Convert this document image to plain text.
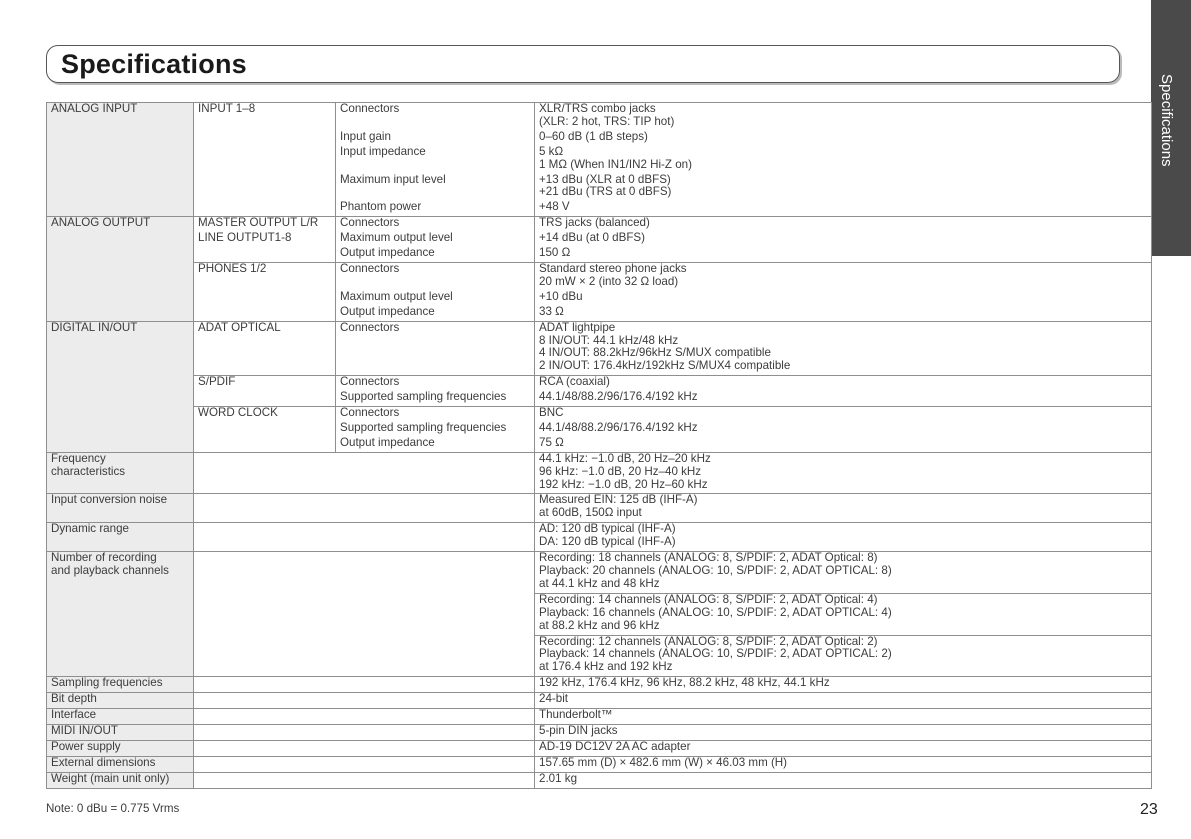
Specifications
Specifications
ANALOG INPUT	INPUT 1–8	Connectors	XLR/TRS combo jacks
(XLR: 2 hot, TRS: TIP hot)

		Input gain	0–60 dB (1 dB steps)
		Input impedance	5 kΩ
1 MΩ (When IN1/IN2 Hi-Z on)

		Maximum input level	+13 dBu (XLR at 0 dBFS)
+21 dBu (TRS at 0 dBFS)

		Phantom power	+48 V
ANALOG OUTPUT	MASTER OUTPUT L/R	Connectors	TRS jacks (balanced)
	LINE OUTPUT1-8	Maximum output level	+14 dBu (at 0 dBFS)
		Output impedance	150 Ω
	PHONES 1/2	Connectors	Standard stereo phone jacks
20 mW × 2 (into 32 Ω load)

		Maximum output level	+10 dBu
		Output impedance	33 Ω
DIGITAL IN/OUT	ADAT OPTICAL	Connectors	ADAT lightpipe
8 IN/OUT: 44.1 kHz/48 kHz
4 IN/OUT: 88.2kHz/96kHz S/MUX compatible
2 IN/OUT: 176.4kHz/192kHz S/MUX4 compatible

	S/PDIF	Connectors	RCA (coaxial)
		Supported sampling frequencies	44.1/48/88.2/96/176.4/192 kHz
	WORD CLOCK	Connectors	BNC
		Supported sampling frequencies	44.1/48/88.2/96/176.4/192 kHz
		Output impedance	75 Ω

Frequency
characteristics			44.1 kHz: −1.0 dB, 20 Hz–20 kHz
96 kHz: −1.0 dB, 20 Hz–40 kHz
192 kHz: −1.0 dB, 20 Hz–60 kHz

Input conversion noise			Measured EIN: 125 dB (IHF-A)
at 60dB, 150Ω input

Dynamic range			AD: 120 dB typical (IHF-A)
DA: 120 dB typical (IHF-A)

Number of recording
and playback channels			Recording: 18 channels (ANALOG: 8, S/PDIF: 2, ADAT Optical: 8)
Playback: 20 channels (ANALOG: 10, S/PDIF: 2, ADAT OPTICAL: 8)
at 44.1 kHz and 48 kHz

			Recording: 14 channels (ANALOG: 8, S/PDIF: 2, ADAT Optical: 4)
Playback: 16 channels (ANALOG: 10, S/PDIF: 2, ADAT OPTICAL: 4)
at 88.2 kHz and 96 kHz

			Recording: 12 channels (ANALOG: 8, S/PDIF: 2, ADAT Optical: 2)
Playback: 14 channels (ANALOG: 10, S/PDIF: 2, ADAT OPTICAL: 2)
at 176.4 kHz and 192 kHz

Sampling frequencies			192 kHz, 176.4 kHz, 96 kHz, 88.2 kHz, 48 kHz, 44.1 kHz
Bit depth			24-bit
Interface			Thunderbolt™
MIDI IN/OUT			5-pin DIN jacks
Power supply			AD-19 DC12V 2A AC adapter
External dimensions			157.65 mm (D) × 482.6 mm (W) × 46.03 mm (H)
Weight (main unit only)			2.01 kg
Note: 0 dBu = 0.775 Vrms	23
